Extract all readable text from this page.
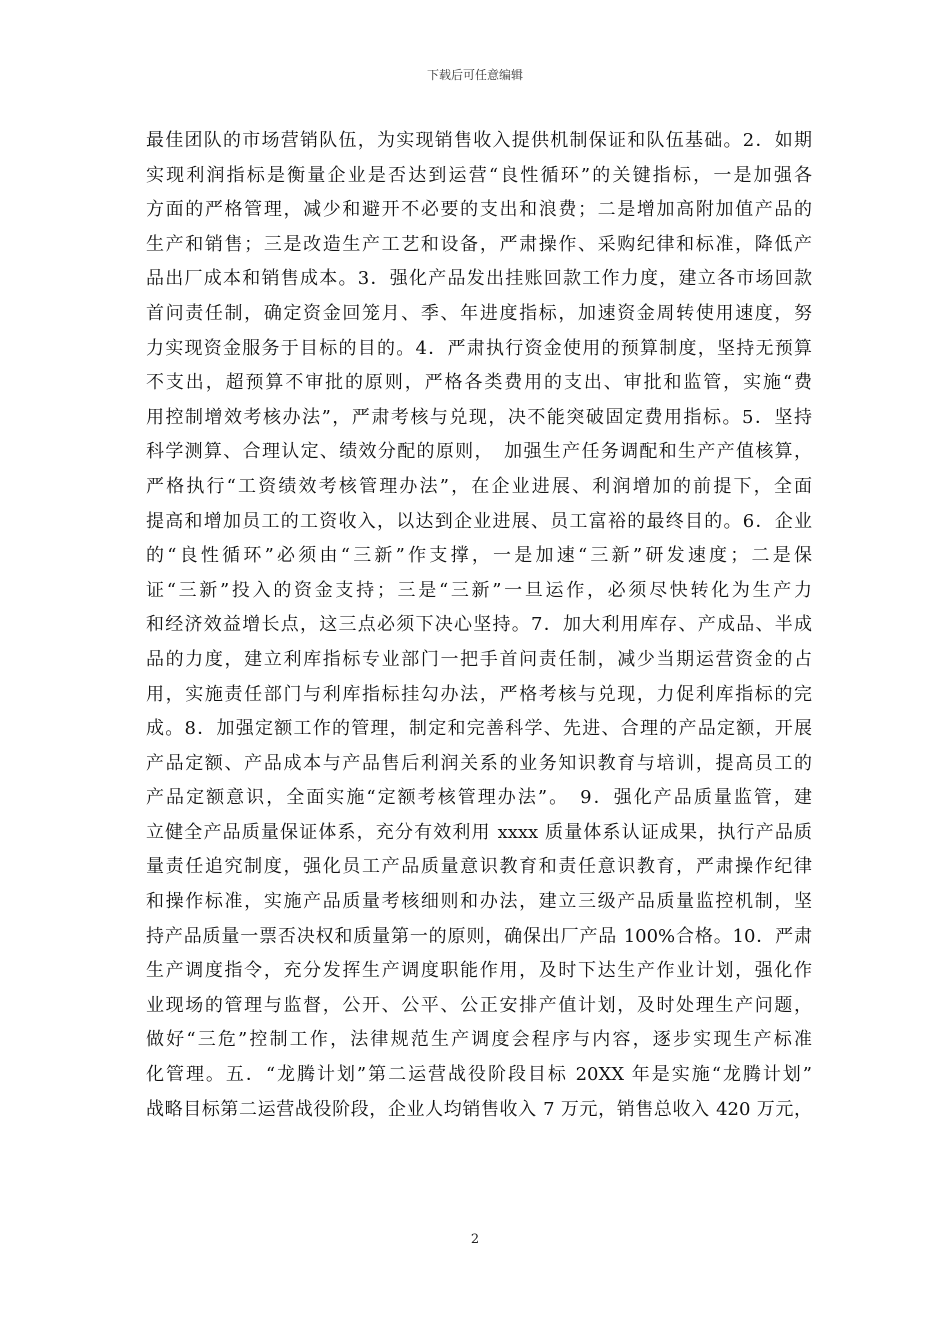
下载后可任意编辑
最佳团队的市场营销队伍，为实现销售收入提供机制保证和队伍基础。2．如期
实现利润指标是衡量企业是否达到运营“良性循环”的关键指标，一是加强各
方面的严格管理，减少和避开不必要的支出和浪费；二是增加高附加值产品的
生产和销售；三是改造生产工艺和设备，严肃操作、采购纪律和标准，降低产
品出厂成本和销售成本。3．强化产品发出挂账回款工作力度，建立各市场回款
首问责任制，确定资金回笼月、季、年进度指标，加速资金周转使用速度，努
力实现资金服务于目标的目的。4．严肃执行资金使用的预算制度，坚持无预算
不支出，超预算不审批的原则，严格各类费用的支出、审批和监管，实施“费
用控制增效考核办法”，严肃考核与兑现，决不能突破固定费用指标。5．坚持
科学测算、合理认定、绩效分配的原则，　加强生产任务调配和生产产值核算，
严格执行“工资绩效考核管理办法”，在企业进展、利润增加的前提下，全面
提高和增加员工的工资收入，以达到企业进展、员工富裕的最终目的。6．企业
的“良性循环”必须由“三新”作支撑，一是加速“三新”研发速度；二是保
证“三新”投入的资金支持；三是“三新”一旦运作，必须尽快转化为生产力
和经济效益增长点，这三点必须下决心坚持。7．加大利用库存、产成品、半成
品的力度，建立利库指标专业部门一把手首问责任制，减少当期运营资金的占
用，实施责任部门与利库指标挂勾办法，严格考核与兑现，力促利库指标的完
成。8．加强定额工作的管理，制定和完善科学、先进、合理的产品定额，开展
产品定额、产品成本与产品售后利润关系的业务知识教育与培训，提高员工的
产品定额意识，全面实施“定额考核管理办法”。　9．强化产品质量监管，建
立健全产品质量保证体系，充分有效利用 xxxx 质量体系认证成果，执行产品质
量责任追究制度，强化员工产品质量意识教育和责任意识教育，严肃操作纪律
和操作标准，实施产品质量考核细则和办法，建立三级产品质量监控机制，坚
持产品质量一票否决权和质量第一的原则，确保出厂产品 100%合格。10．严肃
生产调度指令，充分发挥生产调度职能作用，及时下达生产作业计划，强化作
业现场的管理与监督，公开、公平、公正安排产值计划，及时处理生产问题，
做好“三危”控制工作，法律规范生产调度会程序与内容，逐步实现生产标准
化管理。五．“龙腾计划”第二运营战役阶段目标 20XX 年是实施“龙腾计划”
战略目标第二运营战役阶段，企业人均销售收入 7 万元，销售总收入 420 万元，
2
